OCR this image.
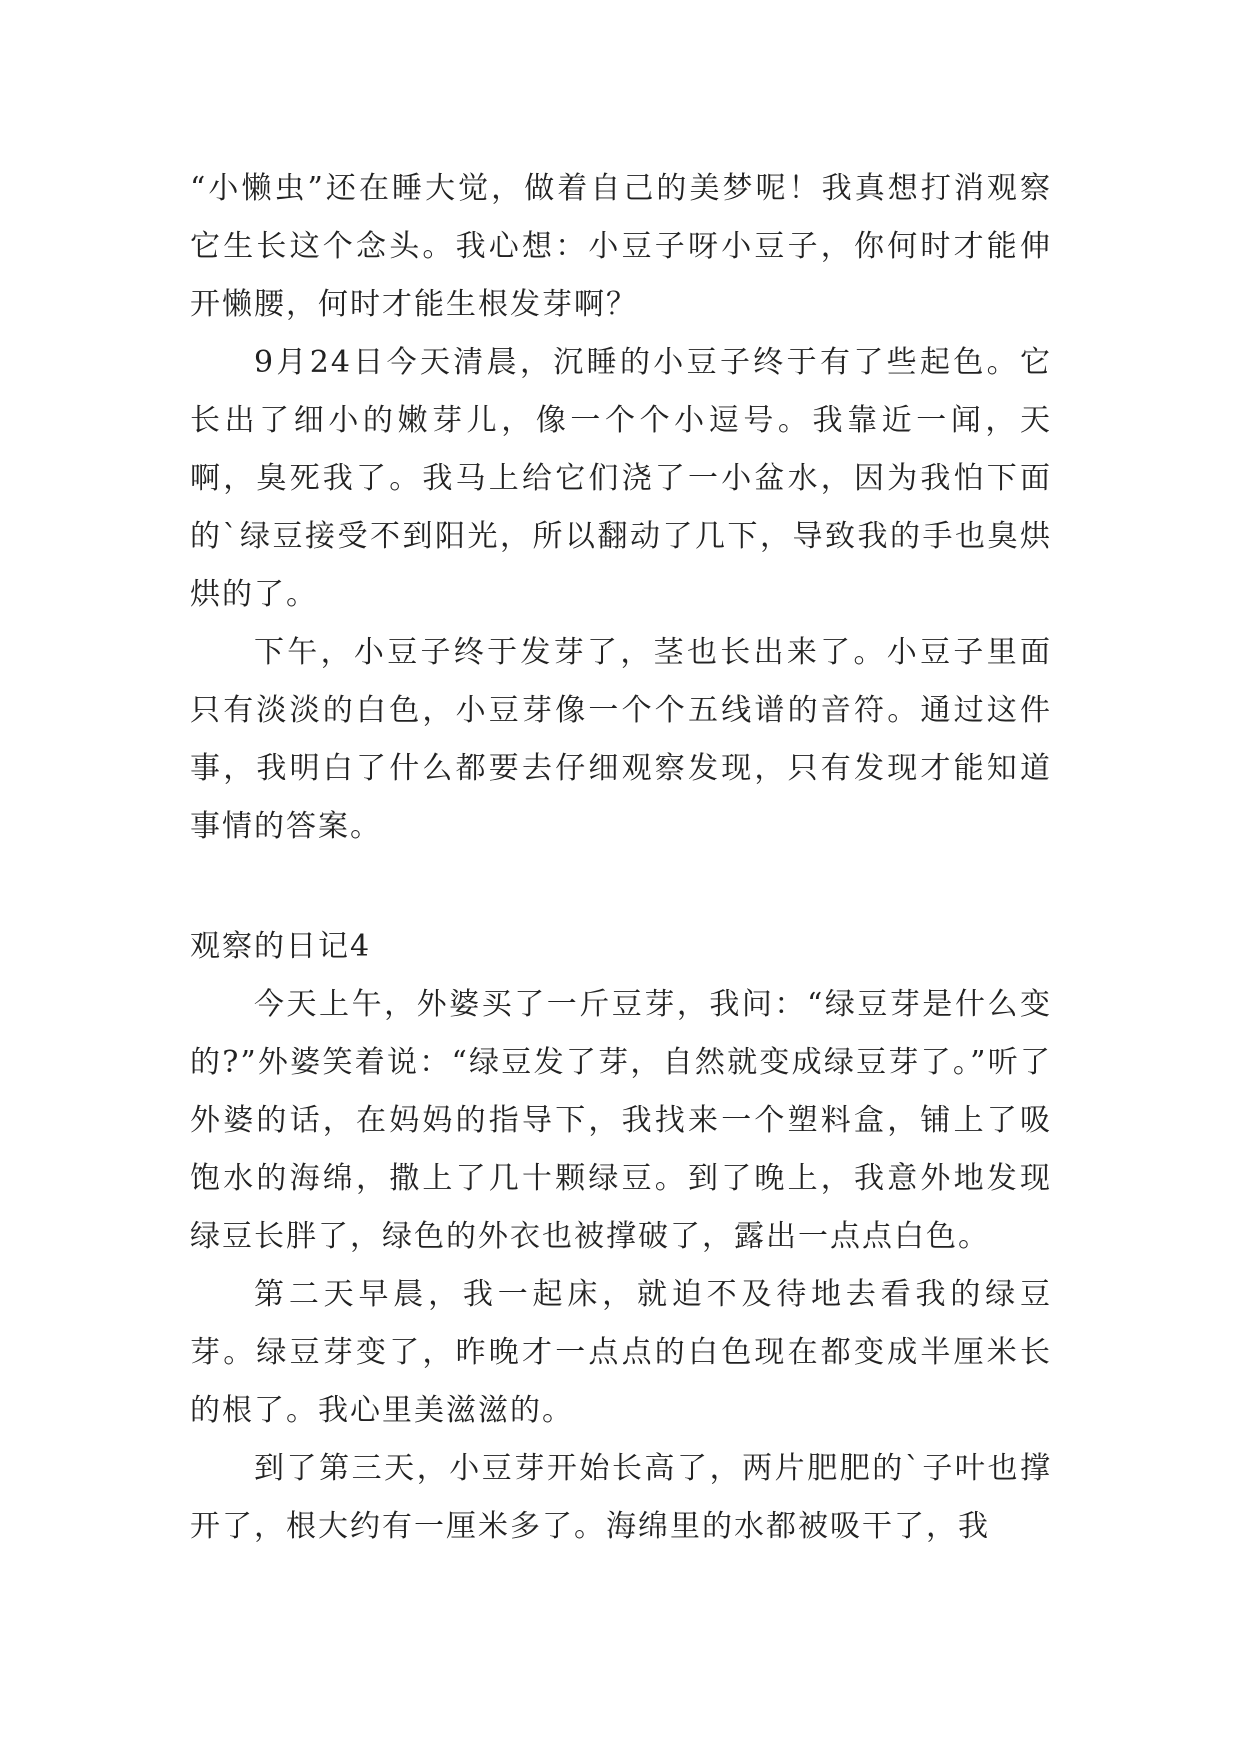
“小懒虫”还在睡大觉，做着自己的美梦呢！我真想打消观察它生长这个念头。我心想：小豆子呀小豆子，你何时才能伸开懒腰，何时才能生根发芽啊？

9月24日今天清晨，沉睡的小豆子终于有了些起色。它长出了细小的嫩芽儿，像一个个小逗号。我靠近一闻，天啊，臭死我了。我马上给它们浇了一小盆水，因为我怕下面的`绿豆接受不到阳光，所以翻动了几下，导致我的手也臭烘烘的了。

下午，小豆子终于发芽了，茎也长出来了。小豆子里面只有淡淡的白色，小豆芽像一个个五线谱的音符。通过这件事，我明白了什么都要去仔细观察发现，只有发现才能知道事情的答案。

观察的日记4

今天上午，外婆买了一斤豆芽，我问：“绿豆芽是什么变的?”外婆笑着说：“绿豆发了芽，自然就变成绿豆芽了。”听了外婆的话，在妈妈的指导下，我找来一个塑料盒，铺上了吸饱水的海绵，撒上了几十颗绿豆。到了晚上，我意外地发现绿豆长胖了，绿色的外衣也被撑破了，露出一点点白色。

第二天早晨，我一起床，就迫不及待地去看我的绿豆芽。绿豆芽变了，昨晚才一点点的白色现在都变成半厘米长的根了。我心里美滋滋的。

到了第三天，小豆芽开始长高了，两片肥肥的`子叶也撑开了，根大约有一厘米多了。海绵里的水都被吸干了，我
